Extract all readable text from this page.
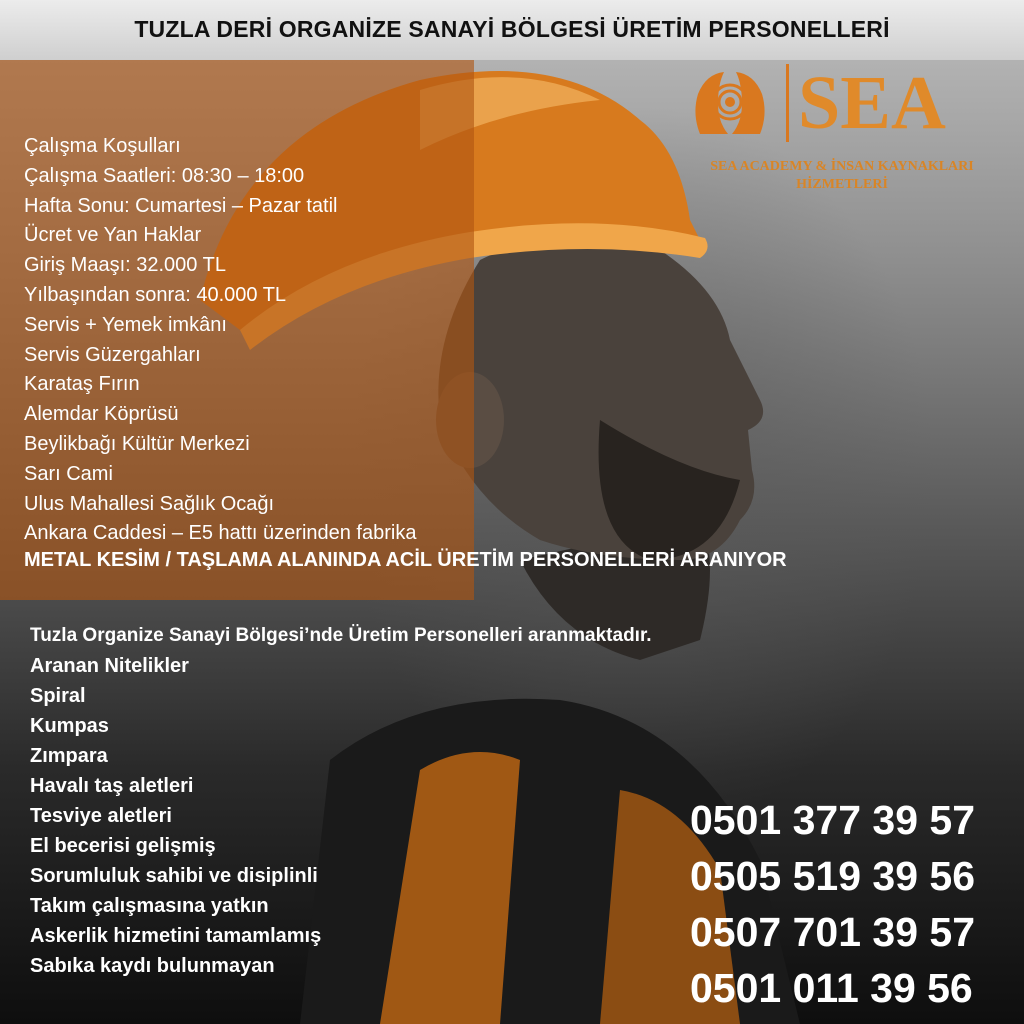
TUZLA DERİ ORGANİZE SANAYİ BÖLGESİ ÜRETİM PERSONELLERİ
SEA
SEA ACADEMY & İNSAN KAYNAKLARI
HİZMETLERİ
Çalışma Koşulları
Çalışma Saatleri: 08:30 – 18:00
Hafta Sonu: Cumartesi – Pazar tatil
Ücret ve Yan Haklar
Giriş Maaşı: 32.000 TL
Yılbaşından sonra: 40.000 TL
Servis + Yemek imkânı
Servis Güzergahları
Karataş Fırın
Alemdar Köprüsü
Beylikbağı Kültür Merkezi
Sarı Cami
Ulus Mahallesi Sağlık Ocağı
Ankara Caddesi – E5 hattı üzerinden fabrika
METAL KESİM / TAŞLAMA ALANINDA ACİL ÜRETİM PERSONELLERİ ARANIYOR
Tuzla Organize Sanayi Bölgesi’nde Üretim Personelleri aranmaktadır.
Aranan Nitelikler
Spiral
Kumpas
Zımpara
Havalı taş aletleri
Tesviye aletleri
El becerisi gelişmiş
Sorumluluk sahibi ve disiplinli
Takım çalışmasına yatkın
Askerlik hizmetini tamamlamış
Sabıka kaydı bulunmayan
0501 377 39 57
0505 519 39 56
0507 701 39 57
0501 011 39 56
